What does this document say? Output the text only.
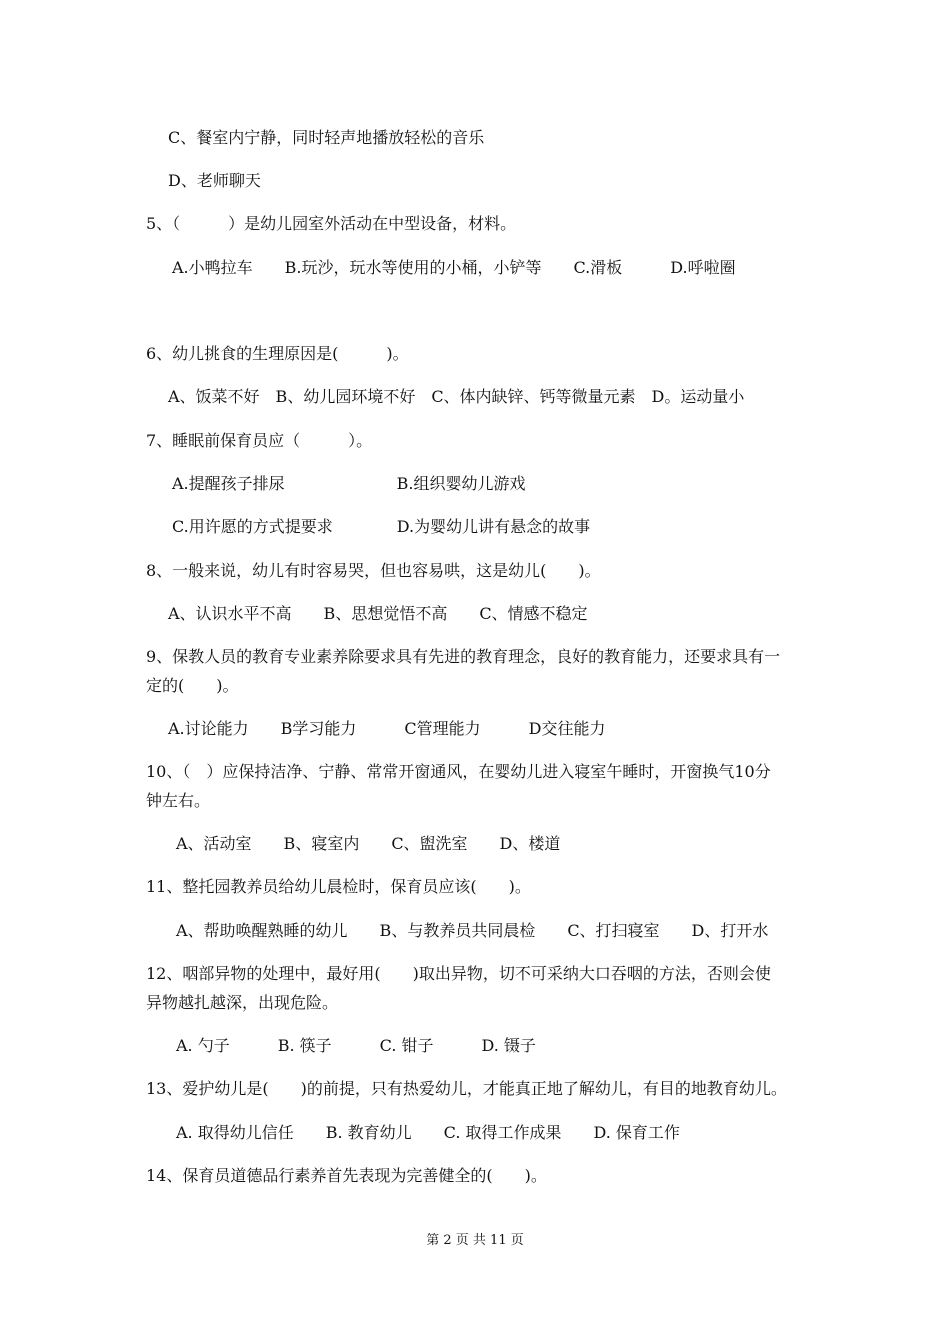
C、餐室内宁静，同时轻声地播放轻松的音乐
D、老师聊天
5、（　　　）是幼儿园室外活动在中型设备，材料。
A.小鸭拉车　　B.玩沙，玩水等使用的小桶，小铲等　　C.滑板　　　D.呼啦圈
6、幼儿挑食的生理原因是(　　　)。
A、饭菜不好　B、幼儿园环境不好　C、体内缺锌、钙等微量元素　D。运动量小
7、睡眠前保育员应（　　　）。
A.提醒孩子排尿　　　　　　　B.组织婴幼儿游戏
C.用许愿的方式提要求　　　　D.为婴幼儿讲有悬念的故事
8、一般来说，幼儿有时容易哭，但也容易哄，这是幼儿(　　)。
A、认识水平不高　　B、思想觉悟不高　　C、情感不稳定
9、保教人员的教育专业素养除要求具有先进的教育理念，良好的教育能力，还要求具有一
定的(　　)。
A.讨论能力　　B学习能力　　　C管理能力　　　D交往能力
10、（　）应保持洁净、宁静、常常开窗通风，在婴幼儿进入寝室午睡时，开窗换气10分
钟左右。
A、活动室　　B、寝室内　　C、盥洗室　　D、楼道
11、整托园教养员给幼儿晨检时，保育员应该(　　)。
A、帮助唤醒熟睡的幼儿　　B、与教养员共同晨检　　C、打扫寝室　　D、打开水
12、咽部异物的处理中，最好用(　　)取出异物，切不可采纳大口吞咽的方法，否则会使
异物越扎越深，出现危险。
A. 勺子　　　B. 筷子　　　C. 钳子　　　D. 镊子
13、爱护幼儿是(　　)的前提，只有热爱幼儿，才能真正地了解幼儿，有目的地教育幼儿。
A. 取得幼儿信任　　B. 教育幼儿　　C. 取得工作成果　　D. 保育工作
14、保育员道德品行素养首先表现为完善健全的(　　)。
第 2 页 共 11 页
